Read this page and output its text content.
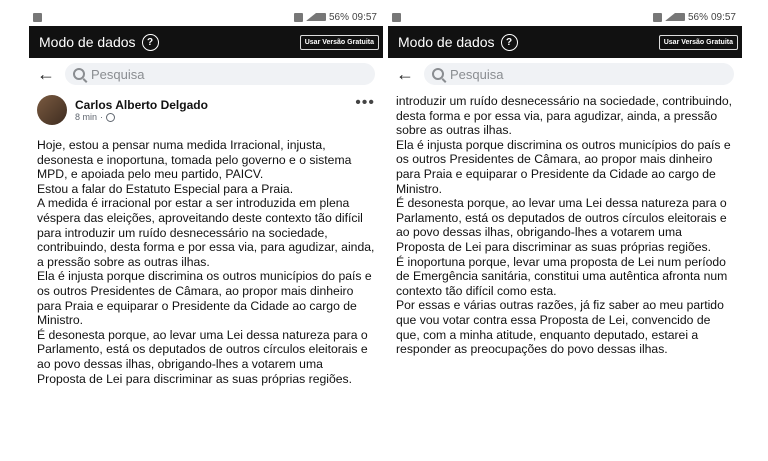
56% 09:57
Modo de dados	?	Usar Versão Gratuita
←	Pesquisa
Carlos Alberto Delgado
8 min ·
•••

Hoje, estou a pensar numa medida Irracional, injusta, desonesta e inoportuna, tomada pelo governo e o sistema MPD, e apoiada pelo meu partido, PAICV.

Estou a falar do Estatuto Especial para a Praia.

A medida é irracional por estar a ser introduzida em plena véspera das eleições, aproveitando deste contexto tão difícil para introduzir um ruído desnecessário na sociedade, contribuindo, desta forma e por essa via, para agudizar, ainda, a pressão sobre as outras ilhas.

Ela é injusta porque discrimina os outros municípios do país e os outros Presidentes de Câmara, ao propor mais dinheiro para Praia e equiparar o Presidente da Cidade ao cargo de Ministro.

É desonesta porque, ao levar uma Lei dessa natureza para o Parlamento, está os deputados de outros círculos eleitorais e ao povo dessas ilhas, obrigando-lhes a votarem uma Proposta de Lei para discriminar as suas próprias regiões.

56% 09:57
Modo de dados	?	Usar Versão Gratuita
←	Pesquisa

introduzir um ruído desnecessário na sociedade, contribuindo, desta forma e por essa via, para agudizar, ainda, a pressão sobre as outras ilhas.

Ela é injusta porque discrimina os outros municípios do país e os outros Presidentes de Câmara, ao propor mais dinheiro para Praia e equiparar o Presidente da Cidade ao cargo de Ministro.

É desonesta porque, ao levar uma Lei dessa natureza para o Parlamento, está os deputados de outros círculos eleitorais e ao povo dessas ilhas, obrigando-lhes a votarem uma Proposta de Lei para discriminar as suas próprias regiões.

É inoportuna porque, levar uma proposta de Lei num período de Emergência sanitária, constitui uma autêntica afronta num contexto tão difícil como esta.

Por essas e várias outras razões, já fiz saber ao meu partido que vou votar contra essa Proposta de Lei, convencido de que, com a minha atitude, enquanto deputado, estarei a responder as preocupações do povo dessas ilhas.
